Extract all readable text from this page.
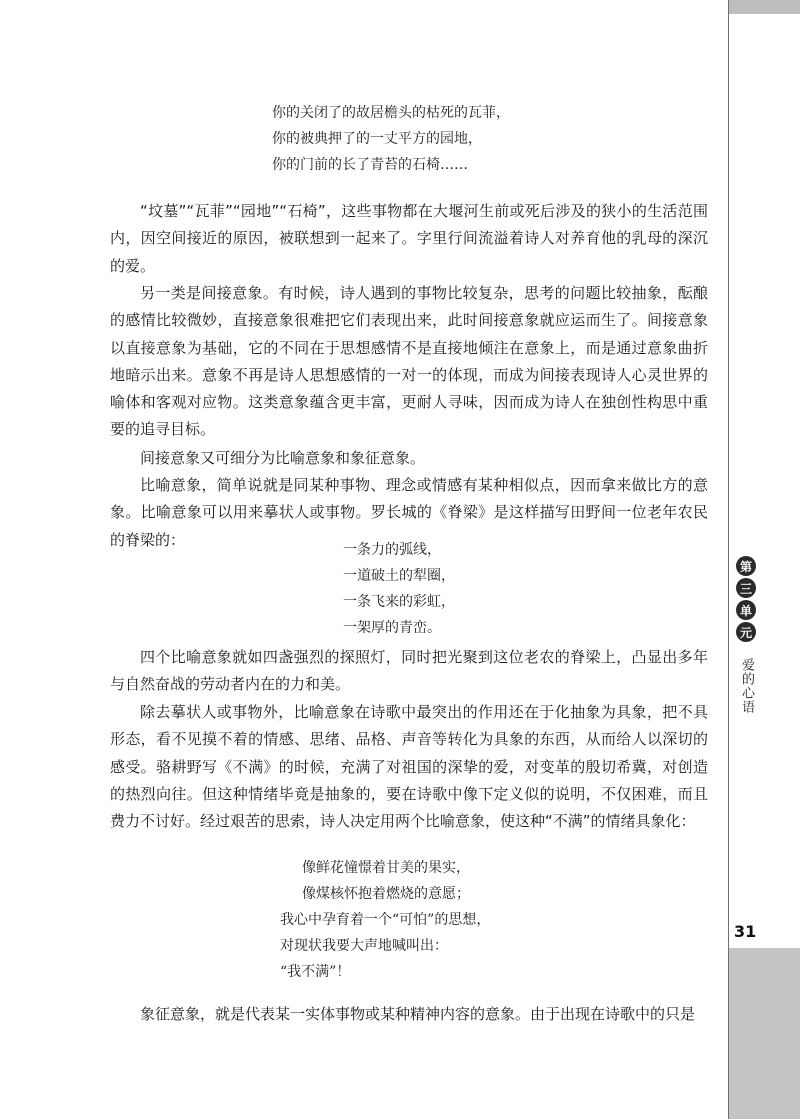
第
三
单
元
爱的心语
31
你的关闭了的故居檐头的枯死的瓦菲，
你的被典押了的一丈平方的园地，
你的门前的长了青苔的石椅……

“坟墓”“瓦菲”“园地”“石椅”，这些事物都在大堰河生前或死后涉及的狭小的生活范围内，因空间接近的原因，被联想到一起来了。字里行间流溢着诗人对养育他的乳母的深沉的爱。

另一类是间接意象。有时候，诗人遇到的事物比较复杂，思考的问题比较抽象，酝酿的感情比较微妙，直接意象很难把它们表现出来，此时间接意象就应运而生了。间接意象以直接意象为基础，它的不同在于思想感情不是直接地倾注在意象上，而是通过意象曲折地暗示出来。意象不再是诗人思想感情的一对一的体现，而成为间接表现诗人心灵世界的喻体和客观对应物。这类意象蕴含更丰富，更耐人寻味，因而成为诗人在独创性构思中重要的追寻目标。

间接意象又可细分为比喻意象和象征意象。

比喻意象，简单说就是同某种事物、理念或情感有某种相似点，因而拿来做比方的意象。比喻意象可以用来摹状人或事物。罗长城的《脊梁》是这样描写田野间一位老年农民的脊梁的：

一条力的弧线，
一道破土的犁圈，
一条飞来的彩虹，
一架厚的青峦。

四个比喻意象就如四盏强烈的探照灯，同时把光聚到这位老农的脊梁上，凸显出多年与自然奋战的劳动者内在的力和美。

除去摹状人或事物外，比喻意象在诗歌中最突出的作用还在于化抽象为具象，把不具形态，看不见摸不着的情感、思绪、品格、声音等转化为具象的东西，从而给人以深切的感受。骆耕野写《不满》的时候，充满了对祖国的深挚的爱，对变革的殷切希冀，对创造的热烈向往。但这种情绪毕竟是抽象的，要在诗歌中像下定义似的说明，不仅困难，而且费力不讨好。经过艰苦的思索，诗人决定用两个比喻意象，使这种“不满”的情绪具象化：

像鲜花憧憬着甘美的果实，
像煤核怀抱着燃烧的意愿；
我心中孕育着一个“可怕”的思想，
对现状我要大声地喊叫出：
“我不满”！

象征意象，就是代表某一实体事物或某种精神内容的意象。由于出现在诗歌中的只是
